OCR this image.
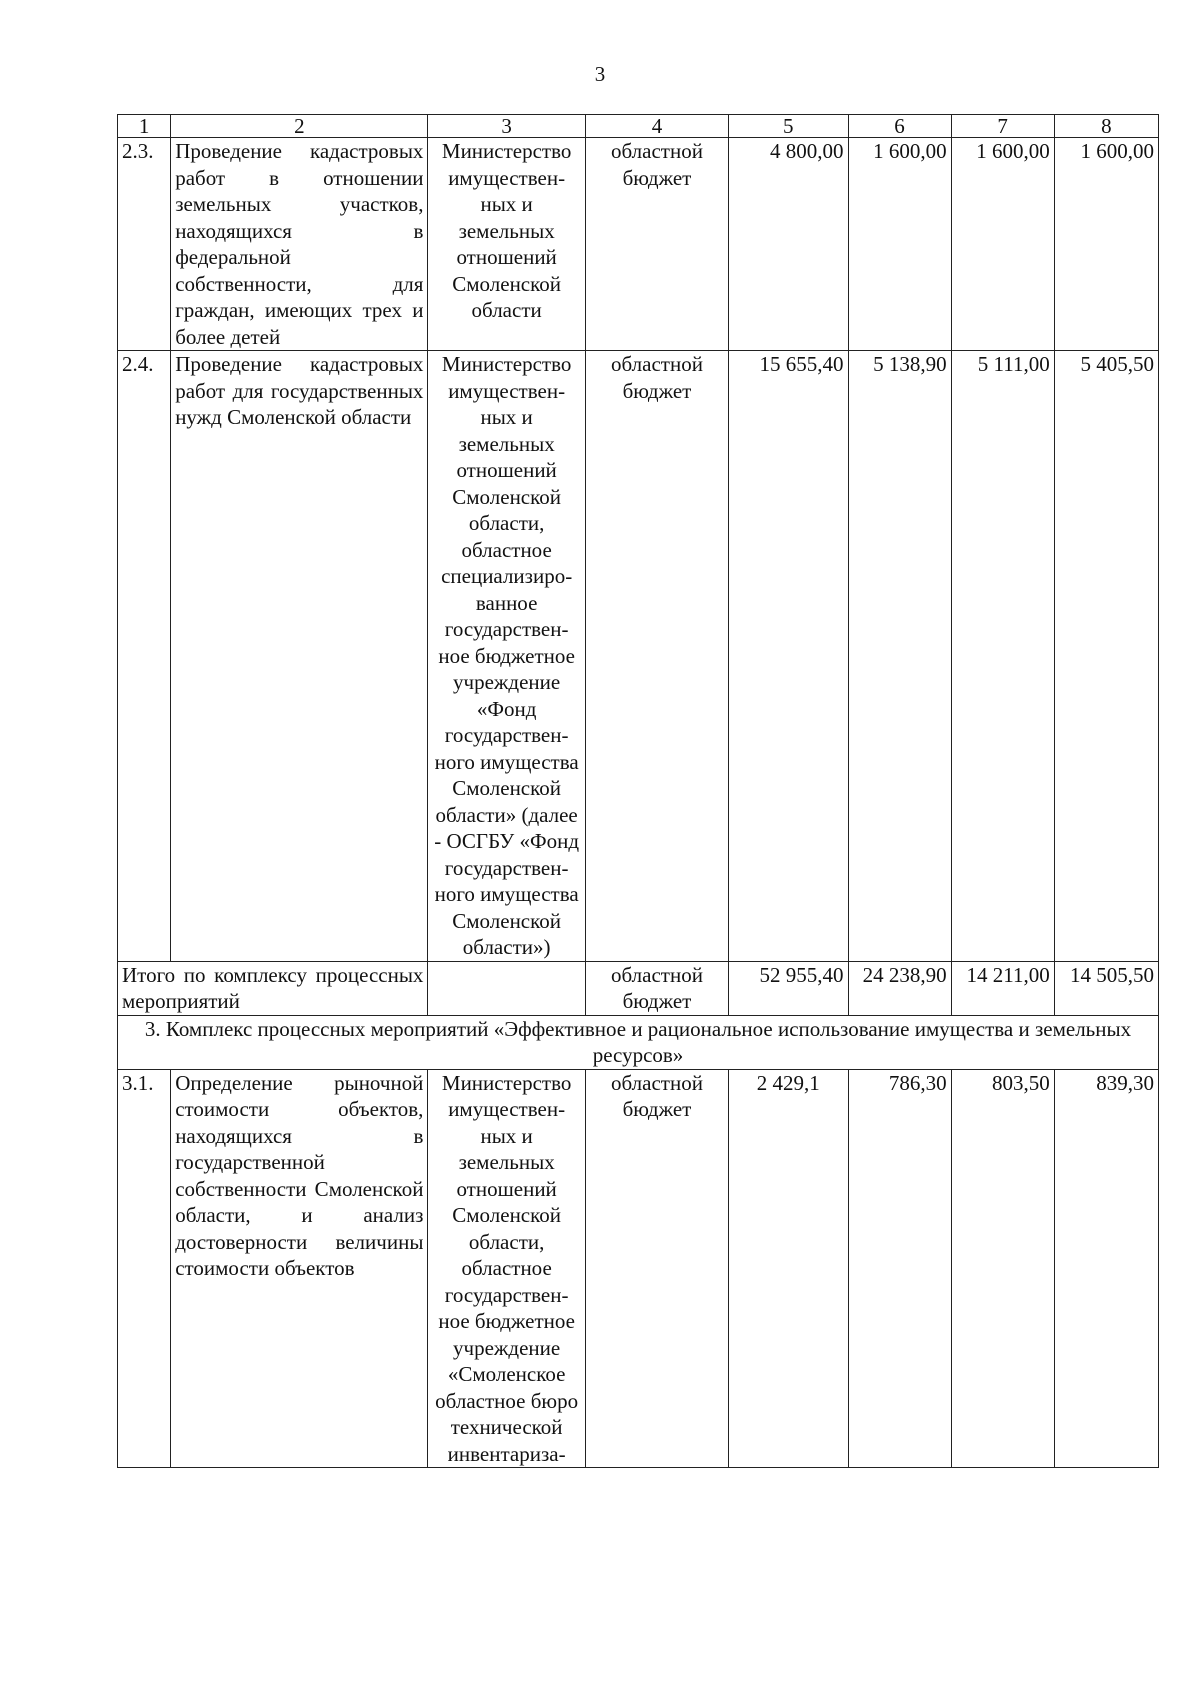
3
1	2	3	4	5	6	7	8
2.3.	Проведение кадастровых работ в отношении земельных участков, находящихся в федеральной собственности, для граждан, имеющих трех и более детей	Министерство имуществен-ных и земельных отношений Смоленской области	областной бюджет	4 800,00	1 600,00	1 600,00	1 600,00
2.4.	Проведение кадастровых работ для государственных нужд Смоленской области	Министерство имуществен-ных и земельных отношений Смоленской области, областное специализиро-ванное государствен-ное бюджетное учреждение «Фонд государствен-ного имущества Смоленской области» (далее - ОСГБУ «Фонд государствен-ного имущества Смоленской области»)	областной бюджет	15 655,40	5 138,90	5 111,00	5 405,50
Итого по комплексу процессных мероприятий			областной бюджет	52 955,40	24 238,90	14 211,00	14 505,50
3. Комплекс процессных мероприятий «Эффективное и рациональное использование имущества и земельных ресурсов»							
3.1.	Определение рыночной стоимости объектов, находящихся в государственной собственности Смоленской области, и анализ достоверности величины стоимости объектов	Министерство имуществен-ных и земельных отношений Смоленской области, областное государствен-ное бюджетное учреждение «Смоленское областное бюро технической инвентариза-	областной бюджет	2 429,1	786,30	803,50	839,30
